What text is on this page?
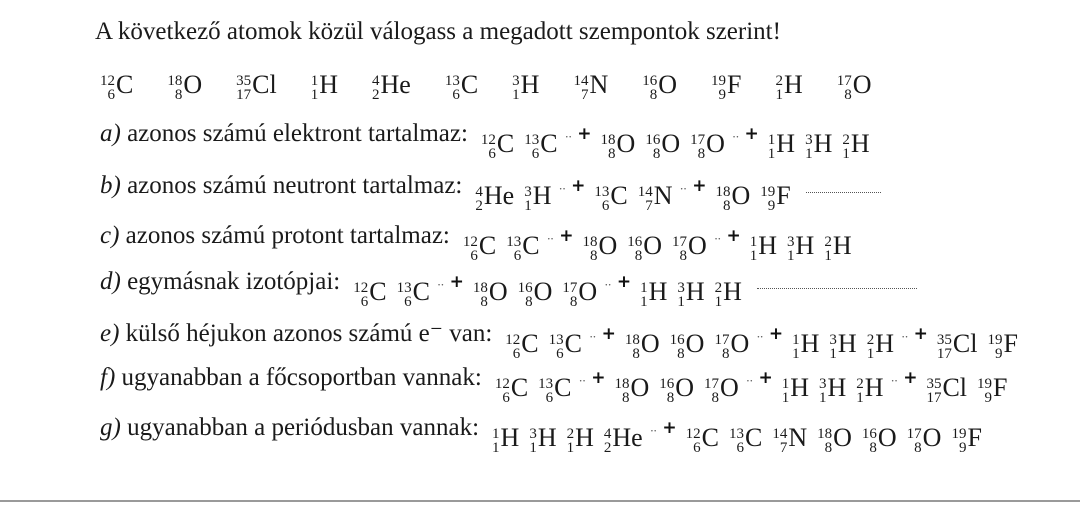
A következő atomok közül válogass a megadott szempontok szerint!
12
6 C 18
8 O 35
17 Cl 1
1 H 4
2 He 13
6 C 3
1 H 14
7 N 16
8 O 19
9 F 2
1 H 17
8 O
a) azonos számú elektront tartalmaz: 12
6 C 13
6 C ·· + 18
8 O 16
8 O 17
8 O ·· + 1
1 H 3
1 H 2
1 H
b) azonos számú neutront tartalmaz: 4
2 He 3
1 H ·· + 13
6 C 14
7 N ·· + 18
8 O 19
9 F
c) azonos számú protont tartalmaz: 12
6 C 13
6 C ·· + 18
8 O 16
8 O 17
8 O ·· + 1
1 H 3
1 H 2
1 H
d) egymásnak izotópjai: 12
6 C 13
6 C ·· + 18
8 O 16
8 O 17
8 O ·· + 1
1 H 3
1 H 2
1 H
e) külső héjukon azonos számú e⁻ van: 12
6 C 13
6 C ·· + 18
8 O 16
8 O 17
8 O ·· + 1
1 H 3
1 H 2
1 H ·· + 35
17 Cl 19
9 F
f) ugyanabban a főcsoportban vannak: 12
6 C 13
6 C ·· + 18
8 O 16
8 O 17
8 O ·· + 1
1 H 3
1 H 2
1 H ·· + 35
17 Cl 19
9 F
g) ugyanabban a periódusban vannak: 1
1 H 3
1 H 2
1 H 4
2 He ·· + 12
6 C 13
6 C 14
7 N 18
8 O 16
8 O 17
8 O 19
9 F
